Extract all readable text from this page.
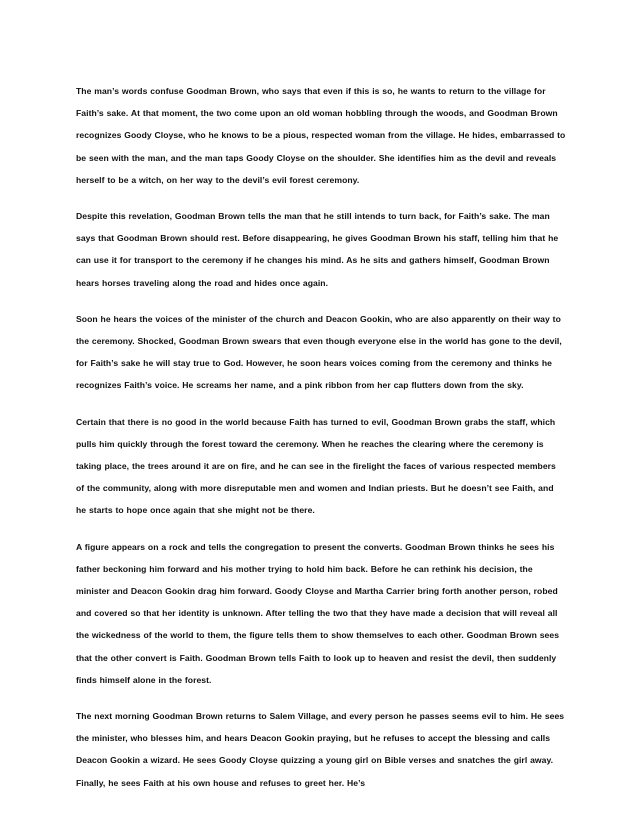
The man’s words confuse Goodman Brown, who says that even if this is so, he wants to return to the village for Faith’s sake. At that moment, the two come upon an old woman hobbling through the woods, and Goodman Brown recognizes Goody Cloyse, who he knows to be a pious, respected woman from the village. He hides, embarrassed to be seen with the man, and the man taps Goody Cloyse on the shoulder. She identifies him as the devil and reveals herself to be a witch, on her way to the devil’s evil forest ceremony.

Despite this revelation, Goodman Brown tells the man that he still intends to turn back, for Faith’s sake. The man says that Goodman Brown should rest. Before disappearing, he gives Goodman Brown his staff, telling him that he can use it for transport to the ceremony if he changes his mind. As he sits and gathers himself, Goodman Brown hears horses traveling along the road and hides once again.

Soon he hears the voices of the minister of the church and Deacon Gookin, who are also apparently on their way to the ceremony. Shocked, Goodman Brown swears that even though everyone else in the world has gone to the devil, for Faith’s sake he will stay true to God. However, he soon hears voices coming from the ceremony and thinks he recognizes Faith’s voice. He screams her name, and a pink ribbon from her cap flutters down from the sky.

Certain that there is no good in the world because Faith has turned to evil, Goodman Brown grabs the staff, which pulls him quickly through the forest toward the ceremony. When he reaches the clearing where the ceremony is taking place, the trees around it are on fire, and he can see in the firelight the faces of various respected members of the community, along with more disreputable men and women and Indian priests. But he doesn’t see Faith, and he starts to hope once again that she might not be there.

A figure appears on a rock and tells the congregation to present the converts. Goodman Brown thinks he sees his father beckoning him forward and his mother trying to hold him back. Before he can rethink his decision, the minister and Deacon Gookin drag him forward. Goody Cloyse and Martha Carrier bring forth another person, robed and covered so that her identity is unknown. After telling the two that they have made a decision that will reveal all the wickedness of the world to them, the figure tells them to show themselves to each other. Goodman Brown sees that the other convert is Faith. Goodman Brown tells Faith to look up to heaven and resist the devil, then suddenly finds himself alone in the forest.

The next morning Goodman Brown returns to Salem Village, and every person he passes seems evil to him. He sees the minister, who blesses him, and hears Deacon Gookin praying, but he refuses to accept the blessing and calls Deacon Gookin a wizard. He sees Goody Cloyse quizzing a young girl on Bible verses and snatches the girl away. Finally, he sees Faith at his own house and refuses to greet her. He’s
